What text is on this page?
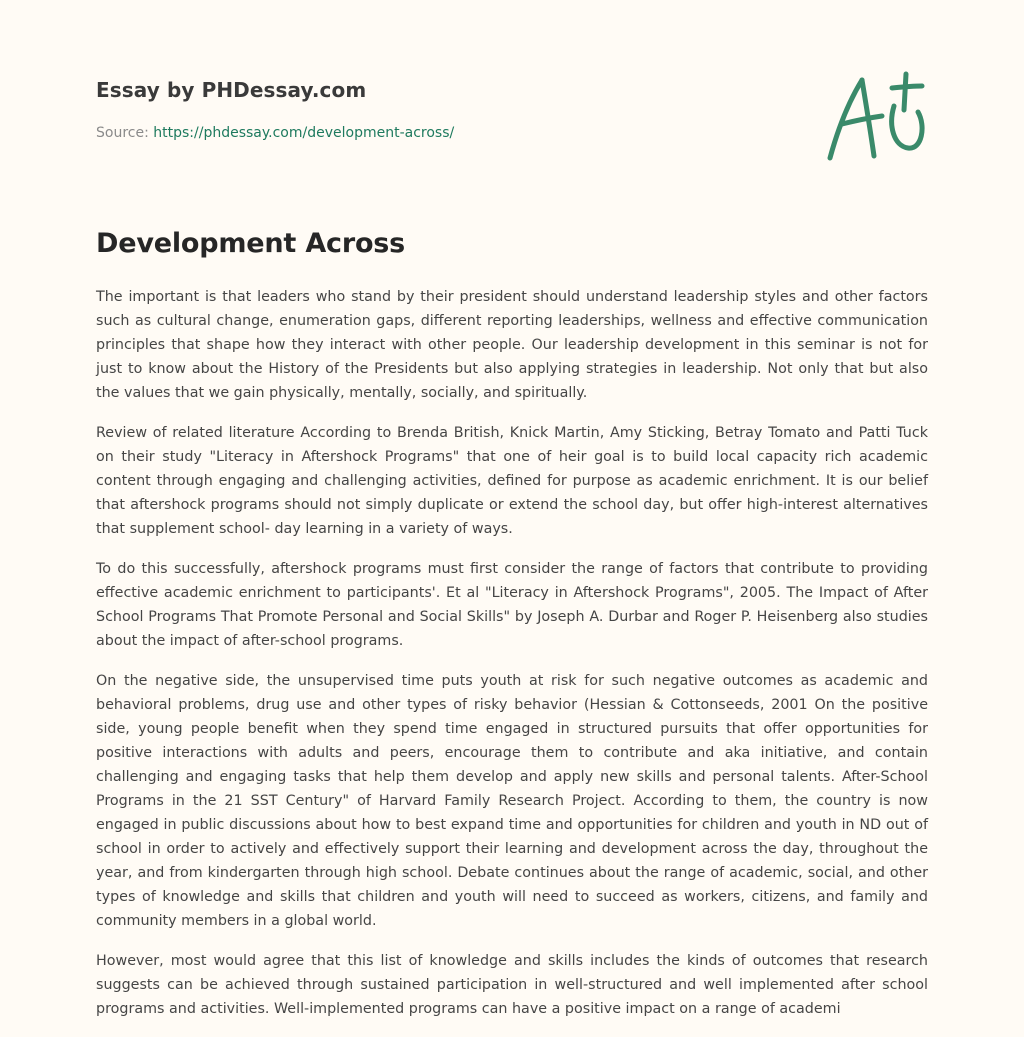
Essay by PHDessay.com
Source: https://phdessay.com/development-across/
Development Across

The important is that leaders who stand by their president should understand leadership styles and other factors such as cultural change, enumeration gaps, different reporting leaderships, wellness and effective communication principles that shape how they interact with other people. Our leadership development in this seminar is not for just to know about the History of the Presidents but also applying strategies in leadership. Not only that but also the values that we gain physically, mentally, socially, and spiritually.

Review of related literature According to Brenda British, Knick Martin, Amy Sticking, Betray Tomato and Patti Tuck on their study "Literacy in Aftershock Programs" that one of heir goal is to build local capacity rich academic content through engaging and challenging activities, defined for purpose as academic enrichment. It is our belief that aftershock programs should not simply duplicate or extend the school day, but offer high-interest alternatives that supplement school- day learning in a variety of ways.

To do this successfully, aftershock programs must first consider the range of factors that contribute to providing effective academic enrichment to participants'. Et al "Literacy in Aftershock Programs", 2005. The Impact of After School Programs That Promote Personal and Social Skills" by Joseph A. Durbar and Roger P. Heisenberg also studies about the impact of after-school programs.

On the negative side, the unsupervised time puts youth at risk for such negative outcomes as academic and behavioral problems, drug use and other types of risky behavior (Hessian & Cottonseeds, 2001 On the positive side, young people benefit when they spend time engaged in structured pursuits that offer opportunities for positive interactions with adults and peers, encourage them to contribute and aka initiative, and contain challenging and engaging tasks that help them develop and apply new skills and personal talents. After-School Programs in the 21 SST Century" of Harvard Family Research Project. According to them, the country is now engaged in public discussions about how to best expand time and opportunities for children and youth in ND out of school in order to actively and effectively support their learning and development across the day, throughout the year, and from kindergarten through high school. Debate continues about the range of academic, social, and other types of knowledge and skills that children and youth will need to succeed as workers, citizens, and family and community members in a global world.

However, most would agree that this list of knowledge and skills includes the kinds of outcomes that research suggests can be achieved through sustained participation in well-structured and well implemented after school programs and activities. Well-implemented programs can have a positive impact on a range of academi
